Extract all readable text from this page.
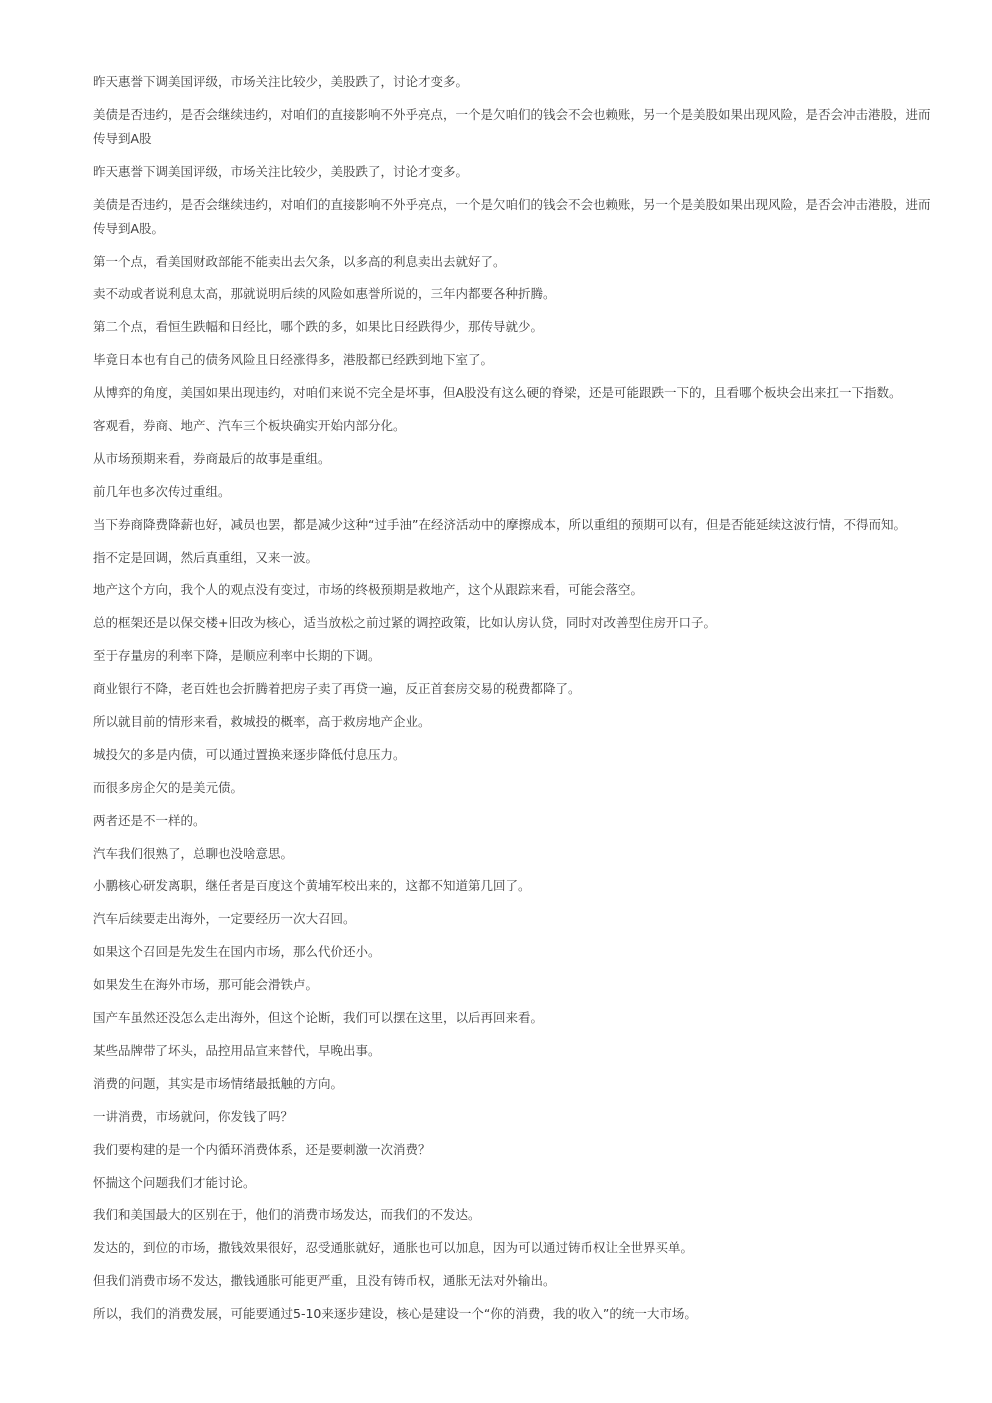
昨天惠誉下调美国评级，市场关注比较少，美股跌了，讨论才变多。

美债是否违约，是否会继续违约，对咱们的直接影响不外乎亮点，一个是欠咱们的钱会不会也赖账，另一个是美股如果出现风险，是否会冲击港股，进而传导到A股

昨天惠誉下调美国评级，市场关注比较少，美股跌了，讨论才变多。

美债是否违约，是否会继续违约，对咱们的直接影响不外乎亮点，一个是欠咱们的钱会不会也赖账，另一个是美股如果出现风险，是否会冲击港股，进而传导到A股。

第一个点，看美国财政部能不能卖出去欠条，以多高的利息卖出去就好了。

卖不动或者说利息太高，那就说明后续的风险如惠誉所说的，三年内都要各种折腾。

第二个点，看恒生跌幅和日经比，哪个跌的多，如果比日经跌得少，那传导就少。

毕竟日本也有自己的债务风险且日经涨得多，港股都已经跌到地下室了。

从博弈的角度，美国如果出现违约，对咱们来说不完全是坏事，但A股没有这么硬的脊梁，还是可能跟跌一下的，且看哪个板块会出来扛一下指数。

客观看，券商、地产、汽车三个板块确实开始内部分化。

从市场预期来看，券商最后的故事是重组。

前几年也多次传过重组。

当下券商降费降薪也好，减员也罢，都是减少这种“过手油”在经济活动中的摩擦成本，所以重组的预期可以有，但是否能延续这波行情，不得而知。

指不定是回调，然后真重组，又来一波。

地产这个方向，我个人的观点没有变过，市场的终极预期是救地产，这个从跟踪来看，可能会落空。

总的框架还是以保交楼+旧改为核心，适当放松之前过紧的调控政策，比如认房认贷，同时对改善型住房开口子。

至于存量房的利率下降，是顺应利率中长期的下调。

商业银行不降，老百姓也会折腾着把房子卖了再贷一遍，反正首套房交易的税费都降了。

所以就目前的情形来看，救城投的概率，高于救房地产企业。

城投欠的多是内债，可以通过置换来逐步降低付息压力。

而很多房企欠的是美元债。

两者还是不一样的。

汽车我们很熟了，总聊也没啥意思。

小鹏核心研发离职，继任者是百度这个黄埔军校出来的，这都不知道第几回了。

汽车后续要走出海外，一定要经历一次大召回。

如果这个召回是先发生在国内市场，那么代价还小。

如果发生在海外市场，那可能会滑铁卢。

国产车虽然还没怎么走出海外，但这个论断，我们可以摆在这里，以后再回来看。

某些品牌带了坏头，品控用品宣来替代，早晚出事。

消费的问题，其实是市场情绪最抵触的方向。

一讲消费，市场就问，你发钱了吗？

我们要构建的是一个内循环消费体系，还是要刺激一次消费？

怀揣这个问题我们才能讨论。

我们和美国最大的区别在于，他们的消费市场发达，而我们的不发达。

发达的，到位的市场，撒钱效果很好，忍受通胀就好，通胀也可以加息，因为可以通过铸币权让全世界买单。

但我们消费市场不发达，撒钱通胀可能更严重，且没有铸币权，通胀无法对外输出。

所以，我们的消费发展，可能要通过5-10来逐步建设，核心是建设一个“你的消费，我的收入”的统一大市场。
